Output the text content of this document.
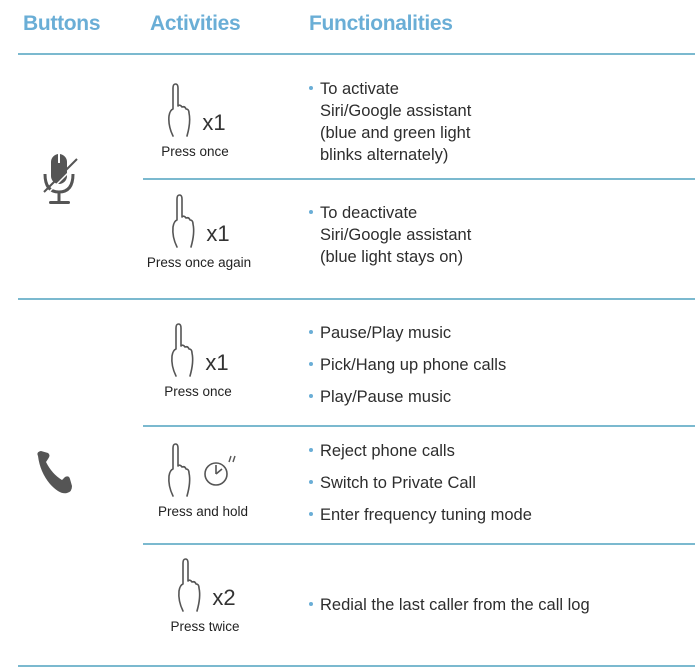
Buttons Activities	Functionalities
x1
Press once
To activate
Siri/Google assistant
(blue and green light
blinks alternately)
x1
Press once again
To deactivate
Siri/Google assistant
(blue light stays on)
x1
Press once
Pause/Play music
Pick/Hang up phone calls
Play/Pause music
Press and hold
Reject phone calls
Switch to Private Call
Enter frequency tuning mode
x2
Press twice
Redial the last caller from the call log
